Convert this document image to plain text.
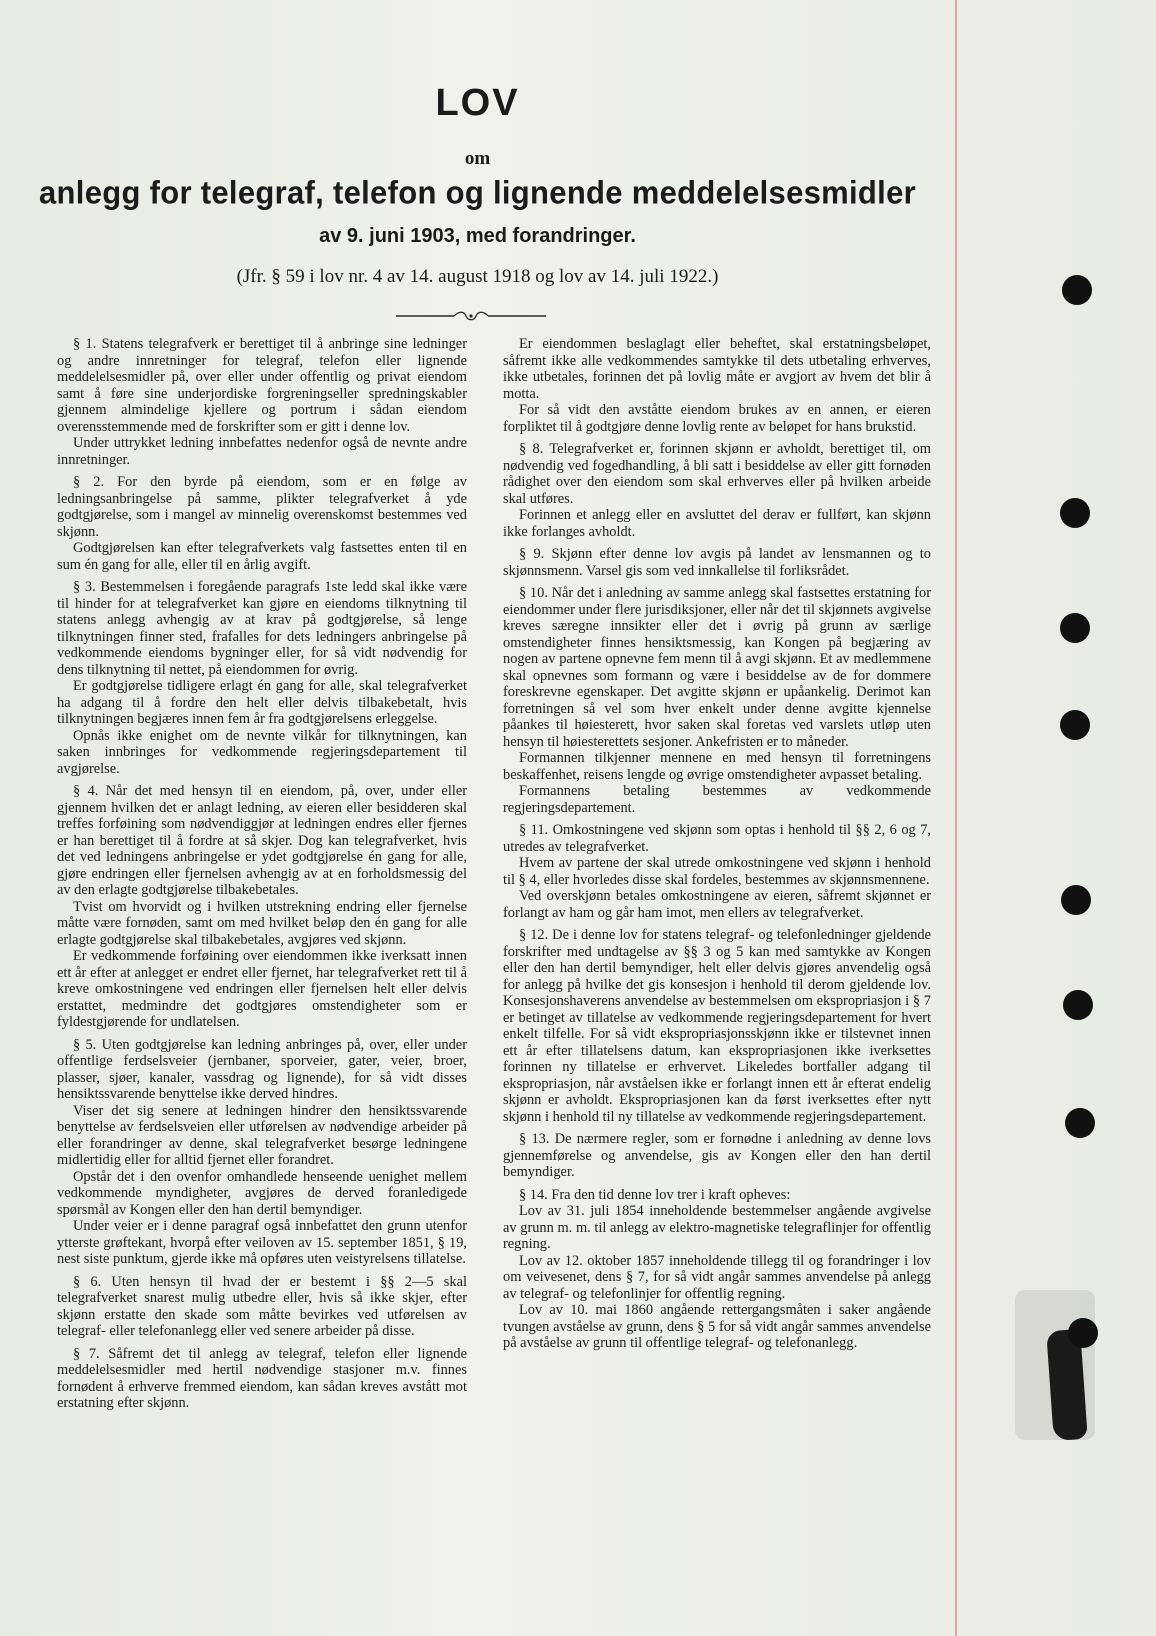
LOV
om
anlegg for telegraf, telefon og lignende meddelelsesmidler
av 9. juni 1903, med forandringer.
(Jfr. § 59 i lov nr. 4 av 14. august 1918 og lov av 14. juli 1922.)

§ 1. Statens telegrafverk er berettiget til å anbringe sine ledninger og andre innretninger for telegraf, telefon eller lignende meddelelsesmidler på, over eller under offentlig og privat eiendom samt å føre sine underjordiske forgreningseller spredningskabler gjennem almindelige kjellere og portrum i sådan eiendom overensstemmende med de forskrifter som er gitt i denne lov.

Under uttrykket ledning innbefattes nedenfor også de nevnte andre innretninger.

§ 2. For den byrde på eiendom, som er en følge av ledningsanbringelse på samme, plikter telegrafverket å yde godtgjørelse, som i mangel av minnelig overenskomst bestemmes ved skjønn.

Godtgjørelsen kan efter telegrafverkets valg fastsettes enten til en sum én gang for alle, eller til en årlig avgift.

§ 3. Bestemmelsen i foregående paragrafs 1ste ledd skal ikke være til hinder for at telegrafverket kan gjøre en eiendoms tilknytning til statens anlegg avhengig av at krav på godtgjørelse, så lenge tilknytningen finner sted, frafalles for dets ledningers anbringelse på vedkommende eiendoms bygninger eller, for så vidt nødvendig for dens tilknytning til nettet, på eiendommen for øvrig.

Er godtgjørelse tidligere erlagt én gang for alle, skal telegrafverket ha adgang til å fordre den helt eller delvis tilbakebetalt, hvis tilknytningen begjæres innen fem år fra godtgjørelsens erleggelse.

Opnås ikke enighet om de nevnte vilkår for tilknytningen, kan saken innbringes for vedkommende regjeringsdepartement til avgjørelse.

§ 4. Når det med hensyn til en eiendom, på, over, under eller gjennem hvilken det er anlagt ledning, av eieren eller besidderen skal treffes forføining som nødvendiggjør at ledningen endres eller fjernes er han berettiget til å fordre at så skjer. Dog kan telegrafverket, hvis det ved ledningens anbringelse er ydet godtgjørelse én gang for alle, gjøre endringen eller fjernelsen avhengig av at en forholdsmessig del av den erlagte godtgjørelse tilbakebetales.

Tvist om hvorvidt og i hvilken utstrekning endring eller fjernelse måtte være fornøden, samt om med hvilket beløp den én gang for alle erlagte godtgjørelse skal tilbakebetales, avgjøres ved skjønn.

Er vedkommende forføining over eiendommen ikke iverksatt innen ett år efter at anlegget er endret eller fjernet, har telegrafverket rett til å kreve omkostningene ved endringen eller fjernelsen helt eller delvis erstattet, medmindre det godtgjøres omstendigheter som er fyldestgjørende for undlatelsen.

§ 5. Uten godtgjørelse kan ledning anbringes på, over, eller under offentlige ferdselsveier (jernbaner, sporveier, gater, veier, broer, plasser, sjøer, kanaler, vassdrag og lignende), for så vidt disses hensiktssvarende benyttelse ikke derved hindres.

Viser det sig senere at ledningen hindrer den hensiktssvarende benyttelse av ferdselsveien eller utførelsen av nødvendige arbeider på eller forandringer av denne, skal telegrafverket besørge ledningene midlertidig eller for alltid fjernet eller forandret.

Opstår det i den ovenfor omhandlede henseende uenighet mellem vedkommende myndigheter, avgjøres de derved foranledigede spørsmål av Kongen eller den han dertil bemyndiger.

Under veier er i denne paragraf også innbefattet den grunn utenfor ytterste grøftekant, hvorpå efter veiloven av 15. september 1851, § 19, nest siste punktum, gjerde ikke må opføres uten veistyrelsens tillatelse.

§ 6. Uten hensyn til hvad der er bestemt i §§ 2—5 skal telegrafverket snarest mulig utbedre eller, hvis så ikke skjer, efter skjønn erstatte den skade som måtte bevirkes ved utførelsen av telegraf- eller telefonanlegg eller ved senere arbeider på disse.

§ 7. Såfremt det til anlegg av telegraf, telefon eller lignende meddelelsesmidler med hertil nødvendige stasjoner m.v. finnes fornødent å erhverve fremmed eiendom, kan sådan kreves avstått mot erstatning efter skjønn.

Er eiendommen beslaglagt eller beheftet, skal erstatningsbeløpet, såfremt ikke alle vedkommendes samtykke til dets utbetaling erhverves, ikke utbetales, forinnen det på lovlig måte er avgjort av hvem det blir å motta.

For så vidt den avståtte eiendom brukes av en annen, er eieren forpliktet til å godtgjøre denne lovlig rente av beløpet for hans brukstid.

§ 8. Telegrafverket er, forinnen skjønn er avholdt, berettiget til, om nødvendig ved fogedhandling, å bli satt i besiddelse av eller gitt fornøden rådighet over den eiendom som skal erhverves eller på hvilken arbeide skal utføres.

Forinnen et anlegg eller en avsluttet del derav er fullført, kan skjønn ikke forlanges avholdt.

§ 9. Skjønn efter denne lov avgis på landet av lensmannen og to skjønnsmenn. Varsel gis som ved innkallelse til forliksrådet.

§ 10. Når det i anledning av samme anlegg skal fastsettes erstatning for eiendommer under flere jurisdiksjoner, eller når det til skjønnets avgivelse kreves særegne innsikter eller det i øvrig på grunn av særlige omstendigheter finnes hensiktsmessig, kan Kongen på begjæring av nogen av partene opnevne fem menn til å avgi skjønn. Et av medlemmene skal opnevnes som formann og være i besiddelse av de for dommere foreskrevne egenskaper. Det avgitte skjønn er upåankelig. Derimot kan forretningen så vel som hver enkelt under denne avgitte kjennelse påankes til høiesterett, hvor saken skal foretas ved varslets utløp uten hensyn til høiesterettets sesjoner. Ankefristen er to måneder.

Formannen tilkjenner mennene en med hensyn til forretningens beskaffenhet, reisens lengde og øvrige omstendigheter avpasset betaling.

Formannens betaling bestemmes av vedkommende regjeringsdepartement.

§ 11. Omkostningene ved skjønn som optas i henhold til §§ 2, 6 og 7, utredes av telegrafverket.

Hvem av partene der skal utrede omkostningene ved skjønn i henhold til § 4, eller hvorledes disse skal fordeles, bestemmes av skjønnsmennene.

Ved overskjønn betales omkostningene av eieren, såfremt skjønnet er forlangt av ham og går ham imot, men ellers av telegrafverket.

§ 12. De i denne lov for statens telegraf- og telefonledninger gjeldende forskrifter med undtagelse av §§ 3 og 5 kan med samtykke av Kongen eller den han dertil bemyndiger, helt eller delvis gjøres anvendelig også for anlegg på hvilke det gis konsesjon i henhold til derom gjeldende lov. Konsesjonshaverens anvendelse av bestemmelsen om ekspropriasjon i § 7 er betinget av tillatelse av vedkommende regjeringsdepartement for hvert enkelt tilfelle. For så vidt ekspropriasjonsskjønn ikke er tilstevnet innen ett år efter tillatelsens datum, kan ekspropriasjonen ikke iverksettes forinnen ny tillatelse er erhvervet. Likeledes bortfaller adgang til ekspropriasjon, når avståelsen ikke er forlangt innen ett år efterat endelig skjønn er avholdt. Ekspropriasjonen kan da først iverksettes efter nytt skjønn i henhold til ny tillatelse av vedkommende regjeringsdepartement.

§ 13. De nærmere regler, som er fornødne i anledning av denne lovs gjennemførelse og anvendelse, gis av Kongen eller den han dertil bemyndiger.

§ 14. Fra den tid denne lov trer i kraft opheves:

Lov av 31. juli 1854 inneholdende bestemmelser angående avgivelse av grunn m. m. til anlegg av elektro-magnetiske telegraflinjer for offentlig regning.

Lov av 12. oktober 1857 inneholdende tillegg til og forandringer i lov om veivesenet, dens § 7, for så vidt angår sammes anvendelse på anlegg av telegraf- og telefonlinjer for offentlig regning.

Lov av 10. mai 1860 angående rettergangsmåten i saker angående tvungen avståelse av grunn, dens § 5 for så vidt angår sammes anvendelse på avståelse av grunn til offentlige telegraf- og telefonanlegg.
